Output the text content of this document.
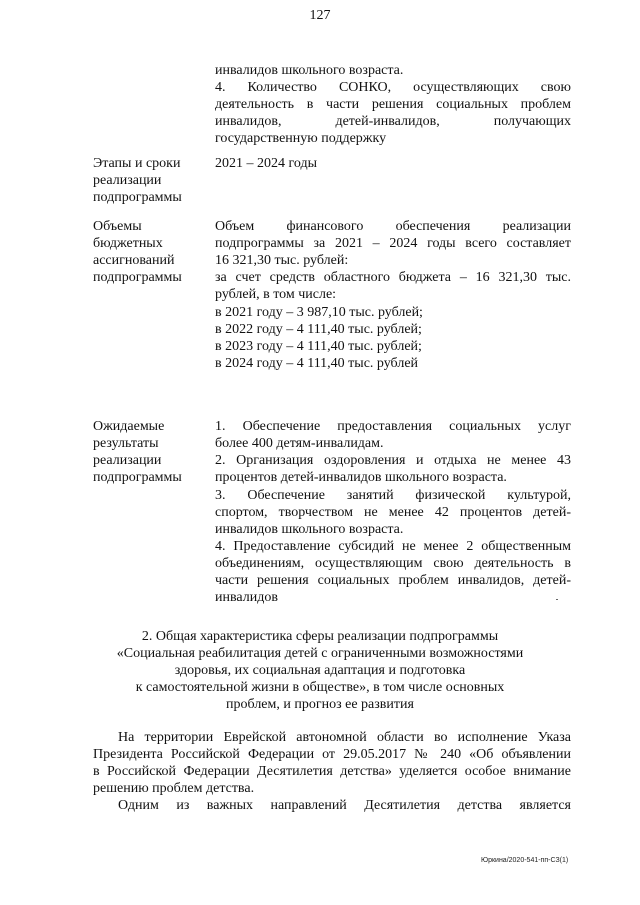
127
инвалидов школьного возраста.
4. Количество СОНКО, осуществляющих свою
деятельность в части решения социальных проблем
инвалидов, детей-инвалидов, получающих
государственную поддержку
Этапы и сроки
реализации
подпрограммы
2021 – 2024 годы
Объемы
бюджетных
ассигнований
подпрограммы
Объем финансового обеспечения реализации
подпрограммы за 2021 – 2024 годы всего составляет
16 321,30 тыс. рублей:
за счет средств областного бюджета – 16 321,30 тыс.
рублей, в том числе:
в 2021 году – 3 987,10 тыс. рублей;
в 2022 году – 4 111,40 тыс. рублей;
в 2023 году – 4 111,40 тыс. рублей;
в 2024 году – 4 111,40 тыс. рублей
Ожидаемые
результаты
реализации
подпрограммы
1. Обеспечение предоставления социальных услуг
более 400 детям-инвалидам.
2. Организация оздоровления и отдыха не менее 43
процентов детей-инвалидов школьного возраста.
3. Обеспечение занятий физической культурой,
спортом, творчеством не менее 42 процентов детей-
инвалидов школьного возраста.
4. Предоставление субсидий не менее 2 общественным
объединениям, осуществляющим свою деятельность в
части решения социальных проблем инвалидов, детей-
инвалидов
2. Общая характеристика сферы реализации подпрограммы
«Социальная реабилитация детей с ограниченными возможностями
здоровья, их социальная адаптация и подготовка
к самостоятельной жизни в обществе», в том числе основных
проблем, и прогноз ее развития
На территории Еврейской автономной области во исполнение Указа
Президента Российской Федерации от 29.05.2017 № 240 «Об объявлении
в Российской Федерации Десятилетия детства» уделяется особое внимание
решению проблем детства.
Одним из важных направлений Десятилетия детства является
Юркина/2020-541-пп-СЗ(1)
